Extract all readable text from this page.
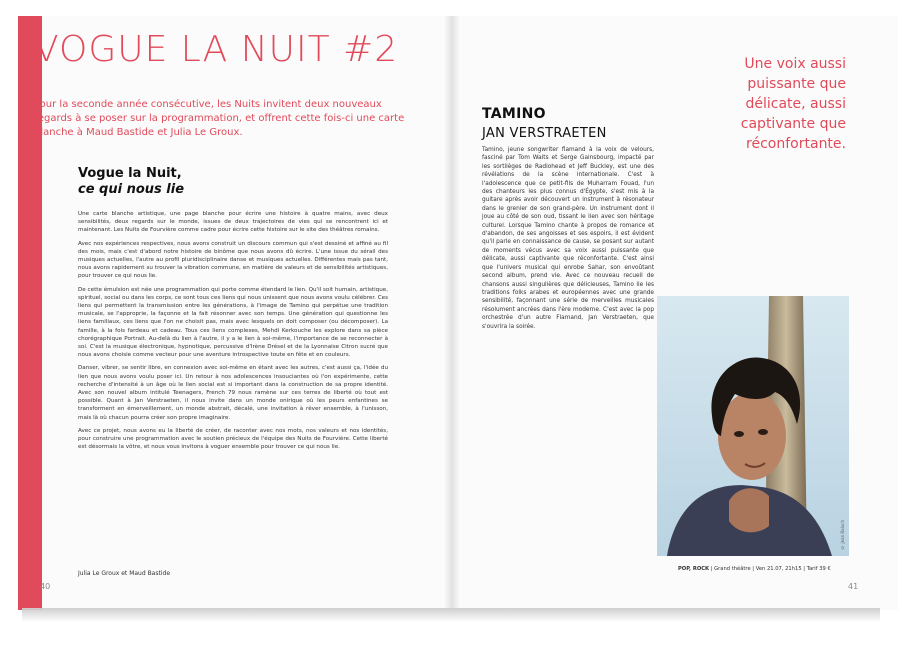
VOGUE LA NUIT #2
Pour la seconde année consécutive, les Nuits invitent deux nouveaux regards à se poser sur la programmation, et offrent cette fois-ci une carte blanche à Maud Bastide et Julia Le Groux.
Vogue la Nuit,
ce qui nous lie

Une carte blanche artistique, une page blanche pour écrire une histoire à quatre mains, avec deux sensibilités, deux regards sur le monde, issues de deux trajectoires de vies qui se rencontrent ici et maintenant. Les Nuits de Fourvière comme cadre pour écrire cette histoire sur le site des théâtres romains.

Avec nos expériences respectives, nous avons construit un discours commun qui s'est dessiné et affiné au fil des mois, mais c'est d'abord notre histoire de binôme que nous avons dû écrire. L'une issue du sérail des musiques actuelles, l'autre au profil pluridisciplinaire danse et musiques actuelles. Différentes mais pas tant, nous avons rapidement su trouver la vibration commune, en matière de valeurs et de sensibilités artistiques, pour trouver ce qui nous lie.

De cette émulsion est née une programmation qui porte comme étendard le lien. Qu'il soit humain, artistique, spirituel, social ou dans les corps, ce sont tous ces liens qui nous unissent que nous avons voulu célébrer. Ces liens qui permettent la transmission entre les générations, à l'image de Tamino qui perpétue une tradition musicale, se l'approprie, la façonne et la fait résonner avec son temps. Une génération qui questionne les liens familiaux, ces liens que l'on ne choisit pas, mais avec lesquels on doit composer (ou décomposer). La famille, à la fois fardeau et cadeau. Tous ces liens complexes, Mehdi Kerkouche les explore dans sa pièce chorégraphique Portrait. Au-delà du lien à l'autre, il y a le lien à soi-même, l'importance de se reconnecter à soi. C'est la musique électronique, hypnotique, percussive d'Irène Drésel et de la Lyonnaise Citron sucré que nous avons choisie comme vecteur pour une aventure introspective toute en fête et en couleurs.

Danser, vibrer, se sentir libre, en connexion avec soi-même en étant avec les autres, c'est aussi ça, l'idée du lien que nous avons voulu poser ici. Un retour à nos adolescences insouciantes où l'on expérimente, cette recherche d'intensité à un âge où le lien social est si important dans la construction de sa propre identité. Avec son nouvel album intitulé Teenagers, French 79 nous ramène sur ces terres de liberté où tout est possible. Quant à Jan Verstraeten, il nous invite dans un monde onirique où les peurs enfantines se transforment en émerveillement, un monde abstrait, décalé, une invitation à rêver ensemble, à l'unisson, mais là où chacun pourra créer son propre imaginaire.

Avec ce projet, nous avons eu la liberté de créer, de raconter avec nos mots, nos valeurs et nos identités, pour construire une programmation avec le soutien précieux de l'équipe des Nuits de Fourvière. Cette liberté est désormais la vôtre, et nous vous invitons à voguer ensemble pour trouver ce qui nous lie.

Julia Le Groux et Maud Bastide
40
Une voix aussi puissante que délicate, aussi captivante que réconfortante.
TAMINO
JAN VERSTRAETEN

Tamino, jeune songwriter flamand à la voix de velours, fasciné par Tom Waits et Serge Gainsbourg, impacté par les sortilèges de Radiohead et Jeff Buckley, est une des révélations de la scène internationale. C'est à l'adolescence que ce petit-fils de Muharram Fouad, l'un des chanteurs les plus connus d'Égypte, s'est mis à la guitare après avoir découvert un instrument à résonateur dans le grenier de son grand-père. Un instrument dont il joue au côté de son oud, tissant le lien avec son héritage culturel. Lorsque Tamino chante à propos de romance et d'abandon, de ses angoisses et ses espoirs, il est évident qu'il parle en connaissance de cause, se posant sur autant de moments vécus avec sa voix aussi puissante que délicate, aussi captivante que réconfortante. C'est ainsi que l'univers musical qui enrobe Sahar, son envoûtant second album, prend vie. Avec ce nouveau recueil de chansons aussi singulières que délicieuses, Tamino lie les traditions folks arabes et européennes avec une grande sensibilité, façonnant une série de merveilles musicales résolument ancrées dans l'ère moderne. C'est avec la pop orchestrée d'un autre Flamand, Jan Verstraeten, que s'ouvrira la soirée.

© Jean Baluch
POP, ROCK | Grand théâtre | Ven 21.07, 21h15 | Tarif 39 €
41
